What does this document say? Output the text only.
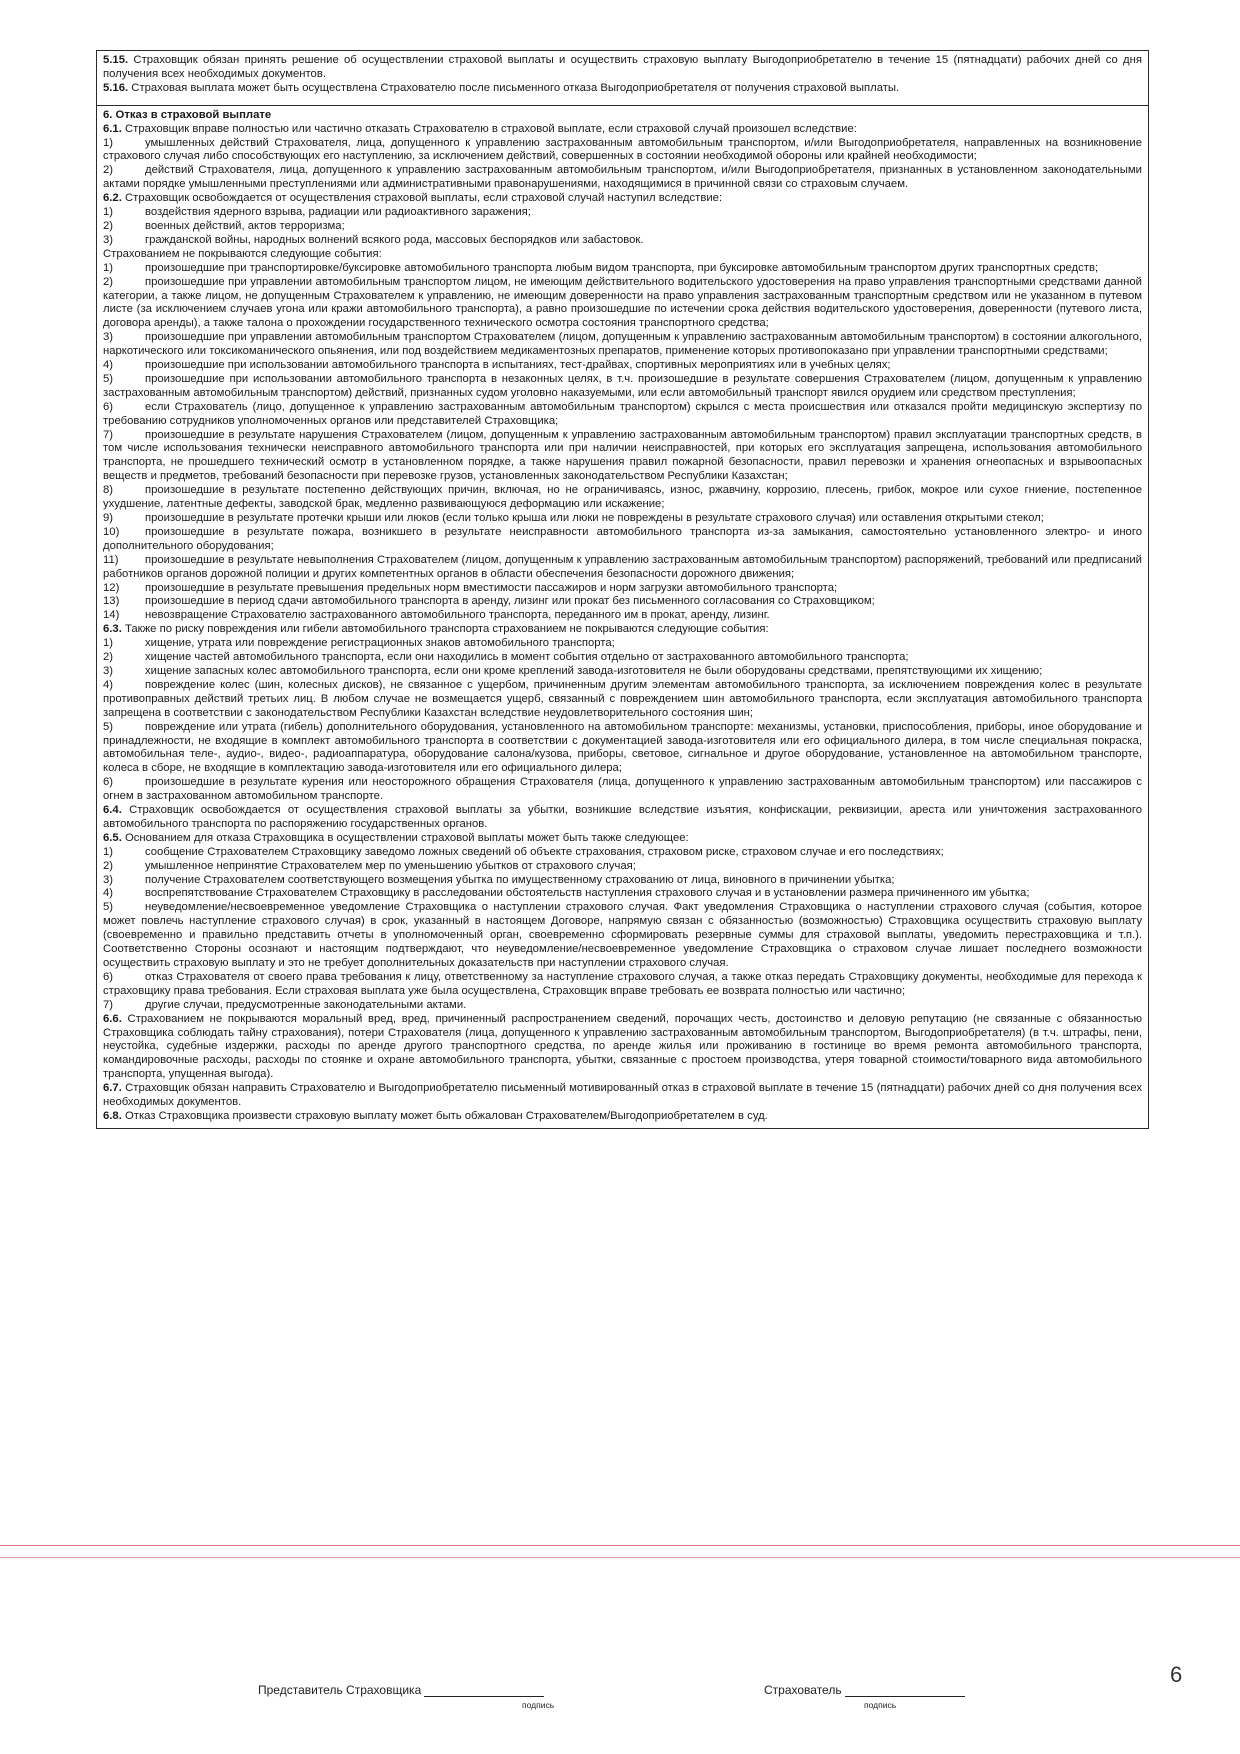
5.15. Страховщик обязан принять решение об осуществлении страховой выплаты и осуществить страховую выплату Выгодоприобретателю в течение 15 (пятнадцати) рабочих дней со дня получения всех необходимых документов.

5.16. Страховая выплата может быть осуществлена Страхователю после письменного отказа Выгодоприобретателя от получения страховой выплаты.

6. Отказ в страховой выплате

6.1. Страховщик вправе полностью или частично отказать Страхователю в страховой выплате, если страховой случай произошел вследствие:

1)	умышленных действий Страхователя, лица, допущенного к управлению застрахованным автомобильным транспортом, и/или Выгодоприобретателя, направленных на возникновение страхового случая либо способствующих его наступлению, за исключением действий, совершенных в состоянии необходимой обороны или крайней необходимости;

2)	действий Страхователя, лица, допущенного к управлению застрахованным автомобильным транспортом, и/или Выгодоприобретателя, признанных в установленном законодательными актами порядке умышленными преступлениями или административными правонарушениями, находящимися в причинной связи со страховым случаем.

6.2. Страховщик освобождается от осуществления страховой выплаты, если страховой случай наступил вследствие:

1)	воздействия ядерного взрыва, радиации или радиоактивного заражения;

2)	военных действий, актов терроризма;

3)	гражданской войны, народных волнений всякого рода, массовых беспорядков или забастовок.

Страхованием не покрываются следующие события:

1)	произошедшие при транспортировке/буксировке автомобильного транспорта любым видом транспорта, при буксировке автомобильным транспортом других транспортных средств;

2)	произошедшие при управлении автомобильным транспортом лицом, не имеющим действительного водительского удостоверения на право управления транспортными средствами данной категории, а также лицом, не допущенным Страхователем к управлению, не имеющим доверенности на право управления застрахованным транспортным средством или не указанном в путевом листе (за исключением случаев угона или кражи автомобильного транспорта), а равно произошедшие по истечении срока действия водительского удостоверения, доверенности (путевого листа, договора аренды), а также талона о прохождении государственного технического осмотра состояния транспортного средства;

3)	произошедшие при управлении автомобильным транспортом Страхователем (лицом, допущенным к управлению застрахованным автомобильным транспортом) в состоянии алкогольного, наркотического или токсикоманического опьянения, или под воздействием медикаментозных препаратов, применение которых противопоказано при управлении транспортными средствами;

4)	произошедшие при использовании автомобильного транспорта в испытаниях, тест-драйвах, спортивных мероприятиях или в учебных целях;

5)	произошедшие при использовании автомобильного транспорта в незаконных целях, в т.ч. произошедшие в результате совершения Страхователем (лицом, допущенным к управлению застрахованным автомобильным транспортом) действий, признанных судом уголовно наказуемыми, или если автомобильный транспорт явился орудием или средством преступления;

6)	если Страхователь (лицо, допущенное к управлению застрахованным автомобильным транспортом) скрылся с места происшествия или отказался пройти медицинскую экспертизу по требованию сотрудников уполномоченных органов или представителей Страховщика;

7)	произошедшие в результате нарушения Страхователем (лицом, допущенным к управлению застрахованным автомобильным транспортом) правил эксплуатации транспортных средств, в том числе использования технически неисправного автомобильного транспорта или при наличии неисправностей, при которых его эксплуатация запрещена, использования автомобильного транспорта, не прошедшего технический осмотр в установленном порядке, а также нарушения правил пожарной безопасности, правил перевозки и хранения огнеопасных и взрывоопасных веществ и предметов, требований безопасности при перевозке грузов, установленных законодательством Республики Казахстан;

8)	произошедшие в результате постепенно действующих причин, включая, но не ограничиваясь, износ, ржавчину, коррозию, плесень, грибок, мокрое или сухое гниение, постепенное ухудшение, латентные дефекты, заводской брак, медленно развивающуюся деформацию или искажение;

9)	произошедшие в результате протечки крыши или люков (если только крыша или люки не повреждены в результате страхового случая) или оставления открытыми стекол;

10) произошедшие в результате пожара, возникшего в результате неисправности автомобильного транспорта из-за замыкания, самостоятельно установленного электро- и иного дополнительного оборудования;

11) произошедшие в результате невыполнения Страхователем (лицом, допущенным к управлению застрахованным автомобильным транспортом) распоряжений, требований или предписаний работников органов дорожной полиции и других компетентных органов в области обеспечения безопасности дорожного движения;

12) произошедшие в результате превышения предельных норм вместимости пассажиров и норм загрузки автомобильного транспорта;

13) произошедшие в период сдачи автомобильного транспорта в аренду, лизинг или прокат без письменного согласования со Страховщиком;

14) невозвращение Страхователю застрахованного автомобильного транспорта, переданного им в прокат, аренду, лизинг.

6.3. Также по риску повреждения или гибели автомобильного транспорта страхованием не покрываются следующие события:

1)	хищение, утрата или повреждение регистрационных знаков автомобильного транспорта;

2)	хищение частей автомобильного транспорта, если они находились в момент события отдельно от застрахованного автомобильного транспорта;

3)	хищение запасных колес автомобильного транспорта, если они кроме креплений завода-изготовителя не были оборудованы средствами, препятствующими их хищению;

4)	повреждение колес (шин, колесных дисков), не связанное с ущербом, причиненным другим элементам автомобильного транспорта, за исключением повреждения колес в результате противоправных действий третьих лиц. В любом случае не возмещается ущерб, связанный с повреждением шин автомобильного транспорта, если эксплуатация автомобильного транспорта запрещена в соответствии с законодательством Республики Казахстан вследствие неудовлетворительного состояния шин;

5)	повреждение или утрата (гибель) дополнительного оборудования, установленного на автомобильном транспорте: механизмы, установки, приспособления, приборы, иное оборудование и принадлежности, не входящие в комплект автомобильного транспорта в соответствии с документацией завода-изготовителя или его официального дилера, в том числе специальная покраска, автомобильная теле-, аудио-, видео-, радиоаппаратура, оборудование салона/кузова, приборы, световое, сигнальное и другое оборудование, установленное на автомобильном транспорте, колеса в сборе, не входящие в комплектацию завода-изготовителя или его официального дилера;

6)	произошедшие в результате курения или неосторожного обращения Страхователя (лица, допущенного к управлению застрахованным автомобильным транспортом) или пассажиров с огнем в застрахованном автомобильном транспорте.

6.4. Страховщик освобождается от осуществления страховой выплаты за убытки, возникшие вследствие изъятия, конфискации, реквизиции, ареста или уничтожения застрахованного автомобильного транспорта по распоряжению государственных органов.

6.5. Основанием для отказа Страховщика в осуществлении страховой выплаты может быть также следующее:

1)	сообщение Страхователем Страховщику заведомо ложных сведений об объекте страхования, страховом риске, страховом случае и его последствиях;

2)	умышленное непринятие Страхователем мер по уменьшению убытков от страхового случая;

3)	получение Страхователем соответствующего возмещения убытка по имущественному страхованию от лица, виновного в причинении убытка;

4)	воспрепятствование Страхователем Страховщику в расследовании обстоятельств наступления страхового случая и в установлении размера причиненного им убытка;

5)	неуведомление/несвоевременное уведомление Страховщика о наступлении страхового случая. Факт уведомления Страховщика о наступлении страхового случая (события, которое может повлечь наступление страхового случая) в срок, указанный в настоящем Договоре, напрямую связан с обязанностью (возможностью) Страховщика осуществить страховую выплату (своевременно и правильно представить отчеты в уполномоченный орган, своевременно сформировать резервные суммы для страховой выплаты, уведомить перестраховщика и т.п.). Соответственно Стороны осознают и настоящим подтверждают, что неуведомление/несвоевременное уведомление Страховщика о страховом случае лишает последнего возможности осуществить страховую выплату и это не требует дополнительных доказательств при наступлении страхового случая.

6)	отказ Страхователя от своего права требования к лицу, ответственному за наступление страхового случая, а также отказ передать Страховщику документы, необходимые для перехода к страховщику права требования. Если страховая выплата уже была осуществлена, Страховщик вправе требовать ее возврата полностью или частично;

7)	другие случаи, предусмотренные законодательными актами.

6.6. Страхованием не покрываются моральный вред, вред, причиненный распространением сведений, порочащих честь, достоинство и деловую репутацию (не связанные с обязанностью Страховщика соблюдать тайну страхования), потери Страхователя (лица, допущенного к управлению застрахованным автомобильным транспортом, Выгодоприобретателя) (в т.ч. штрафы, пени, неустойка, судебные издержки, расходы по аренде другого транспортного средства, по аренде жилья или проживанию в гостинице во время ремонта автомобильного транспорта, командировочные расходы, расходы по стоянке и охране автомобильного транспорта, убытки, связанные с простоем производства, утеря товарной стоимости/товарного вида автомобильного транспорта, упущенная выгода).

6.7. Страховщик обязан направить Страхователю и Выгодоприобретателю письменный мотивированный отказ в страховой выплате в течение 15 (пятнадцати) рабочих дней со дня получения всех необходимых документов.

6.8. Отказ Страховщика произвести страховую выплату может быть обжалован Страхователем/Выгодоприобретателем в суд.

Представитель Страховщика
подпись
Страхователь
подпись
6
